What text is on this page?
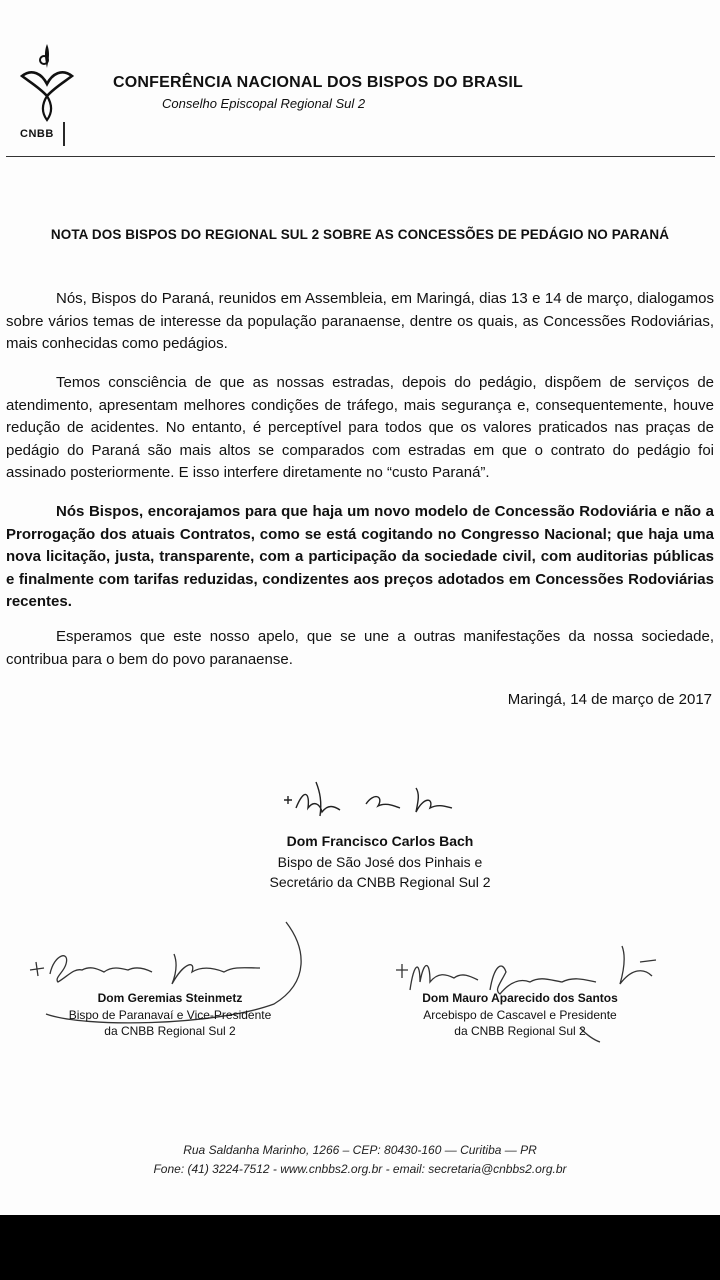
CNBB
CONFERÊNCIA NACIONAL DOS BISPOS DO BRASIL
Conselho Episcopal Regional Sul 2
NOTA DOS BISPOS DO REGIONAL SUL 2 SOBRE AS CONCESSÕES DE PEDÁGIO NO PARANÁ

Nós, Bispos do Paraná, reunidos em Assembleia, em Maringá, dias 13 e 14 de março, dialogamos sobre vários temas de interesse da população paranaense, dentre os quais, as Concessões Rodoviárias, mais conhecidas como pedágios.

Temos consciência de que as nossas estradas, depois do pedágio, dispõem de serviços de atendimento, apresentam melhores condições de tráfego, mais segurança e, consequentemente, houve redução de acidentes. No entanto, é perceptível para todos que os valores praticados nas praças de pedágio do Paraná são mais altos se comparados com estradas em que o contrato do pedágio foi assinado posteriormente. E isso interfere diretamente no “custo Paraná”.

Nós Bispos, encorajamos para que haja um novo modelo de Concessão Rodoviária e não a Prorrogação dos atuais Contratos, como se está cogitando no Congresso Nacional; que haja uma nova licitação, justa, transparente, com a participação da sociedade civil, com auditorias públicas e finalmente com tarifas reduzidas, condizentes aos preços adotados em Concessões Rodoviárias recentes.

Esperamos que este nosso apelo, que se une a outras manifestações da nossa sociedade, contribua para o bem do povo paranaense.

Maringá, 14 de março de 2017
Dom Francisco Carlos Bach
Bispo de São José dos Pinhais e
Secretário da CNBB Regional Sul 2
Dom Geremias Steinmetz
Bispo de Paranavaí e Vice-Presidente
da CNBB Regional Sul 2
Dom Mauro Aparecido dos Santos
Arcebispo de Cascavel e Presidente
da CNBB Regional Sul 2
Rua Saldanha Marinho, 1266 – CEP: 80430-160 — Curitiba — PR
Fone: (41) 3224-7512 - www.cnbbs2.org.br - email: secretaria@cnbbs2.org.br
